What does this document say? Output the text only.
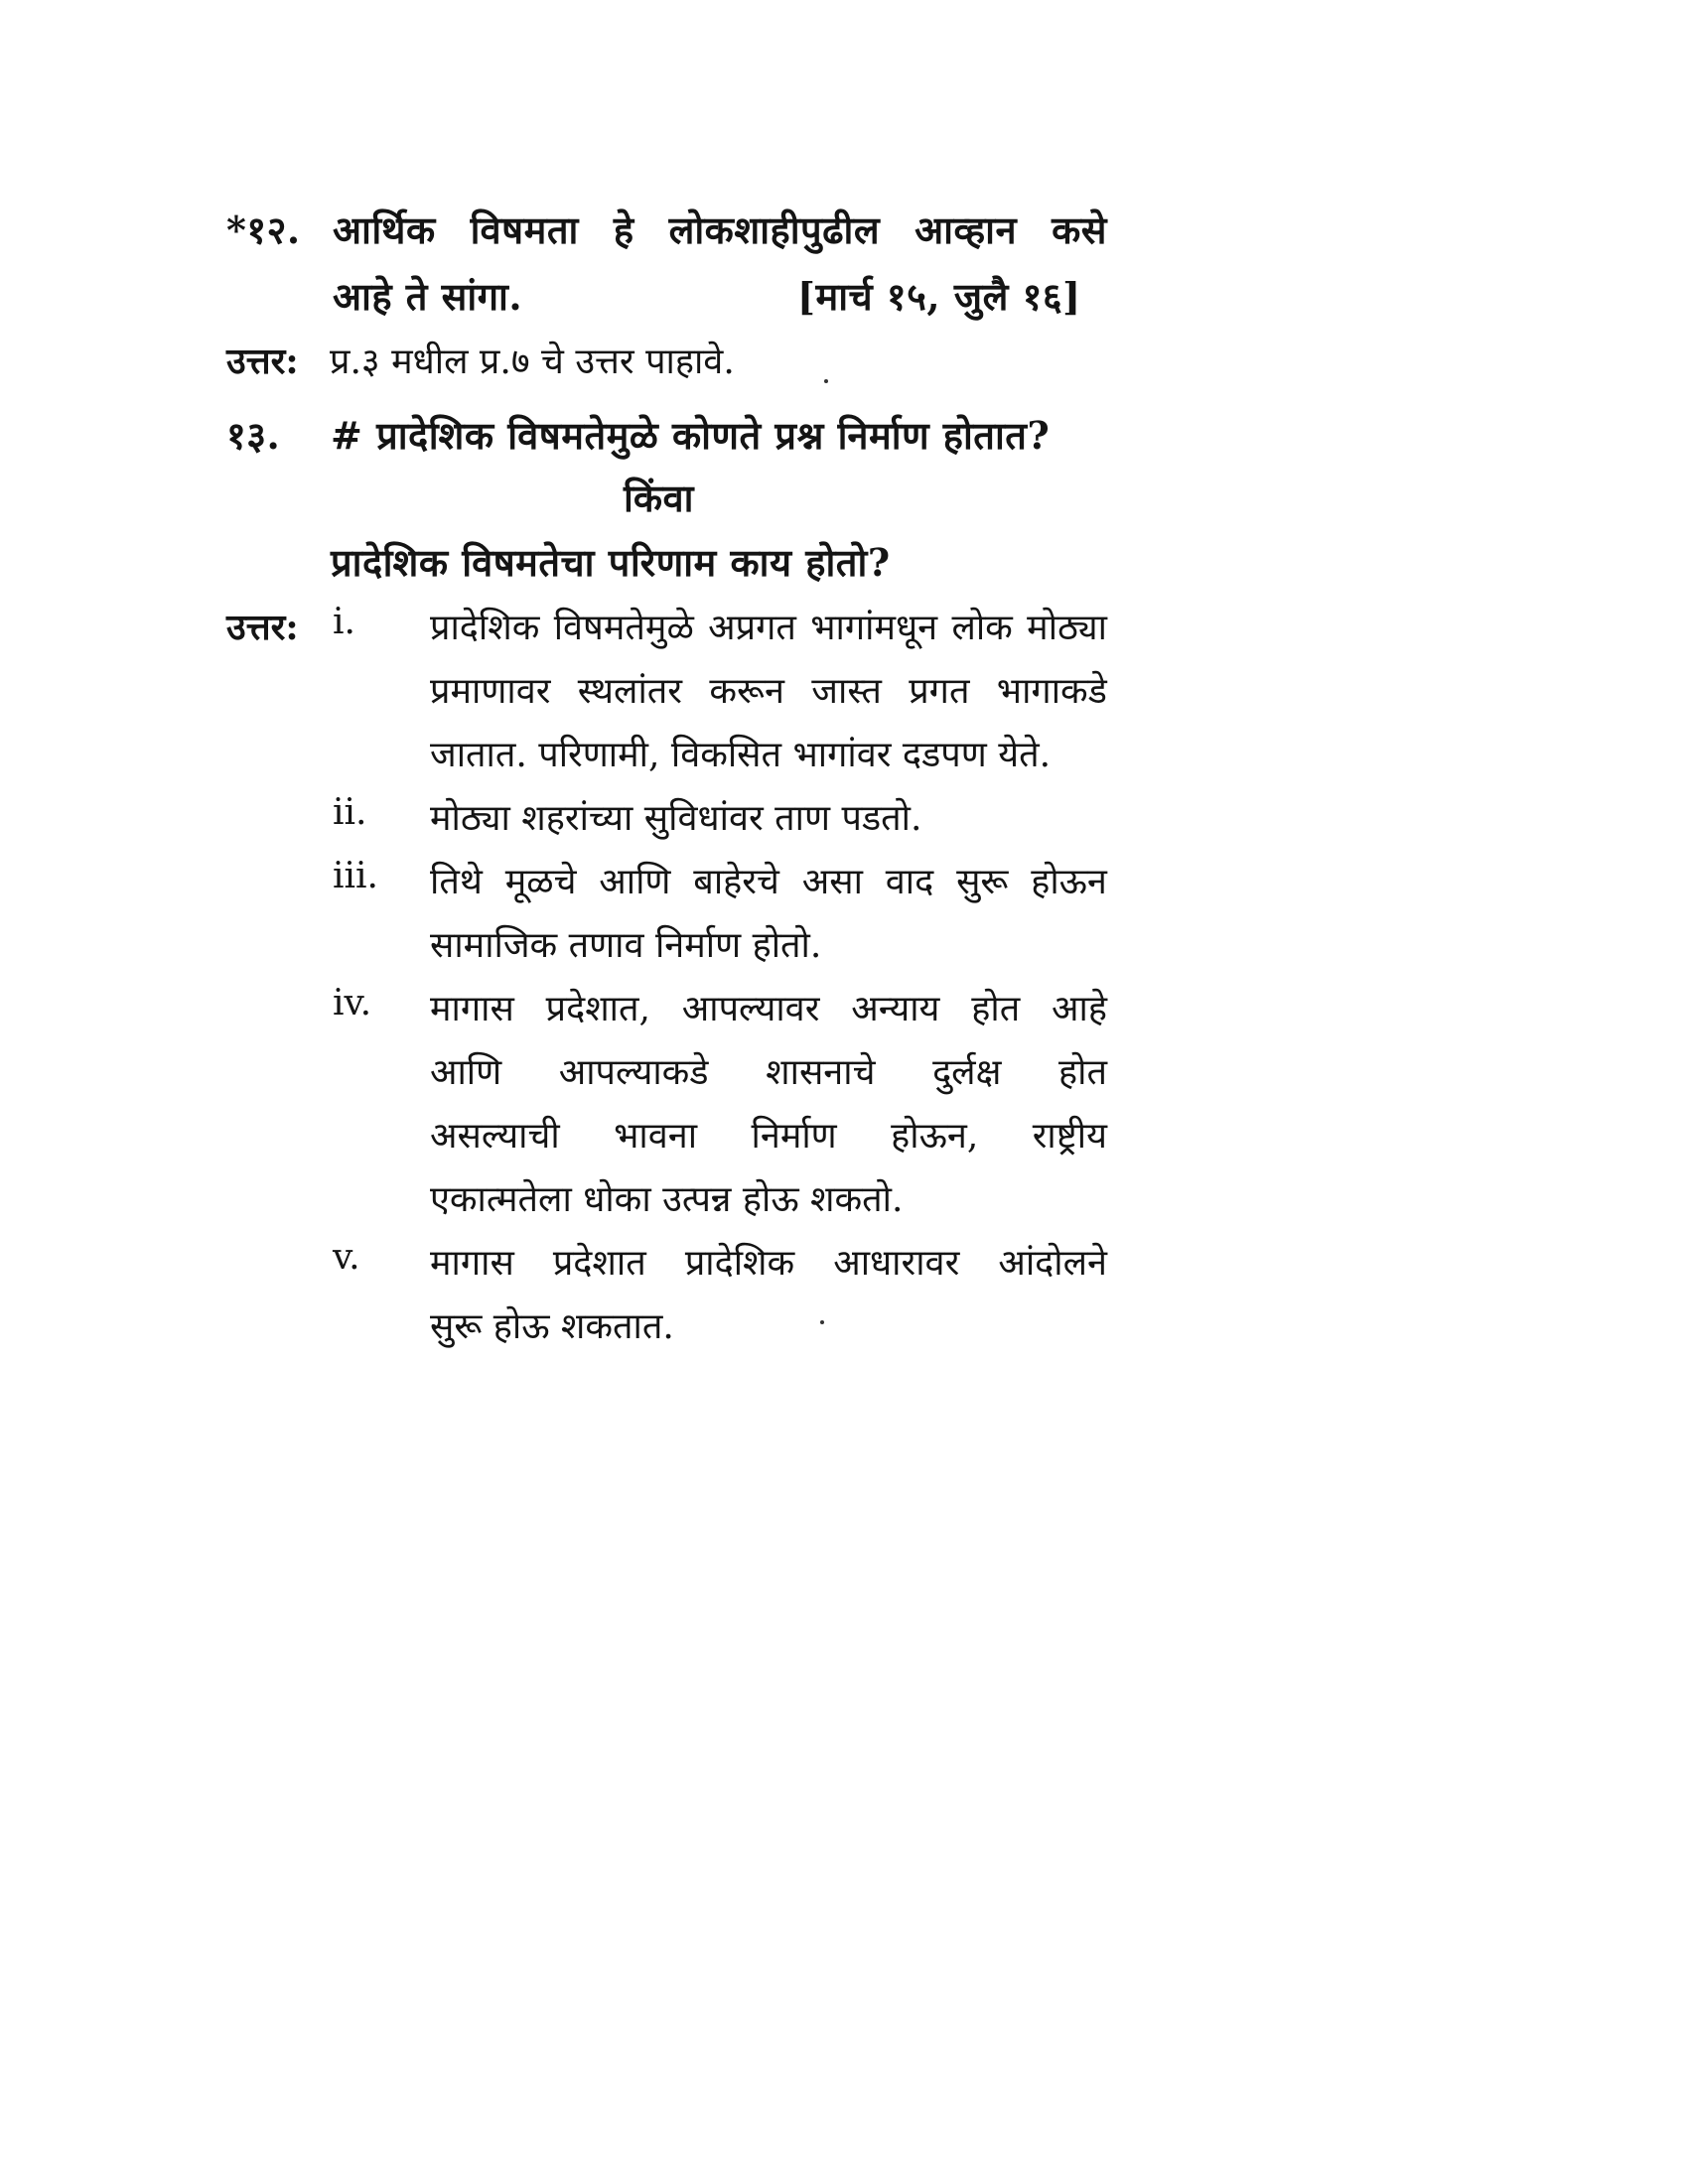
*१२. आर्थिक विषमता हे लोकशाहीपुढील आव्हान कसे
आहे ते सांगा.	[मार्च १५, जुलै १६]
उत्तर: प्र.३ मधील प्र.७ चे उत्तर पाहावे.
१३. # प्रादेशिक विषमतेमुळे कोणते प्रश्न निर्माण होतात?
किंवा
प्रादेशिक विषमतेचा परिणाम काय होतो?
उत्तर: i. प्रादेशिक विषमतेमुळे अप्रगत भागांमधून लोक मोठ्या
प्रमाणावर स्थलांतर करून जास्त प्रगत भागाकडे
जातात. परिणामी, विकसित भागांवर दडपण येते.
ii. मोठ्या शहरांच्या सुविधांवर ताण पडतो.
iii. तिथे मूळचे आणि बाहेरचे असा वाद सुरू होऊन
सामाजिक तणाव निर्माण होतो.
iv. मागास प्रदेशात, आपल्यावर अन्याय होत आहे
आणि आपल्याकडे शासनाचे दुर्लक्ष होत
असल्याची भावना निर्माण होऊन, राष्ट्रीय
एकात्मतेला धोका उत्पन्न होऊ शकतो.
v. मागास प्रदेशात प्रादेशिक आधारावर आंदोलने
सुरू होऊ शकतात.
